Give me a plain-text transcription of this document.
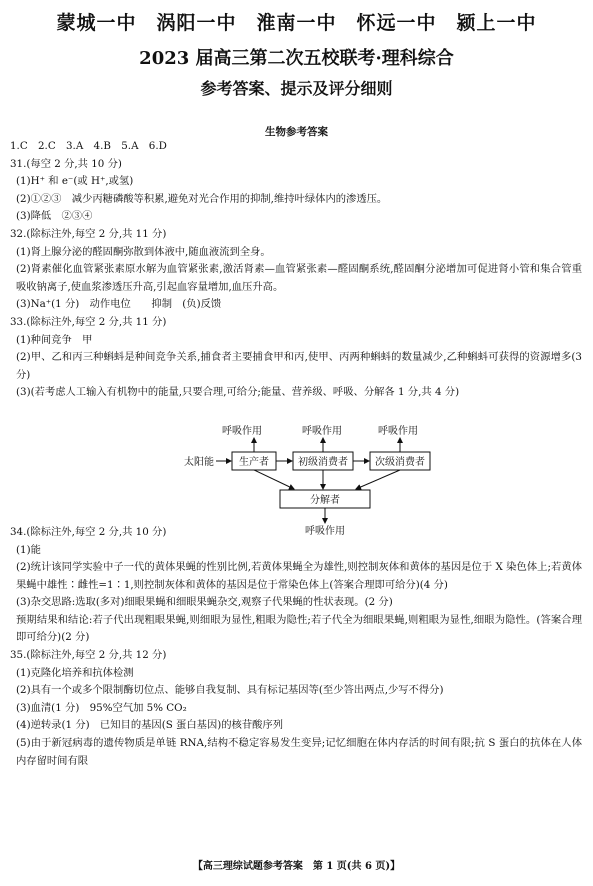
蒙城一中　涡阳一中　淮南一中　怀远一中　颍上一中
2023 届高三第二次五校联考·理科综合
参考答案、提示及评分细则
生物参考答案
1.C　2.C　3.A　4.B　5.A　6.D
31.(每空 2 分,共 10 分)
(1)H⁺ 和 e⁻(或 H⁺,或氢)
(2)①②③　减少丙糖磷酸等积累,避免对光合作用的抑制,维持叶绿体内的渗透压。
(3)降低　②③④
32.(除标注外,每空 2 分,共 11 分)
(1)肾上腺分泌的醛固酮弥散到体液中,随血液流到全身。
(2)肾素催化血管紧张素原水解为血管紧张素,激活肾素—血管紧张素—醛固酮系统,醛固酮分泌增加可促进肾小管和集合管重吸收钠离子,使血浆渗透压升高,引起血容量增加,血压升高。
(3)Na⁺(1 分)　动作电位　　抑制　(负)反馈
33.(除标注外,每空 2 分,共 11 分)
(1)种间竞争　甲
(2)甲、乙和丙三种蝌蚪是种间竞争关系,捕食者主要捕食甲和丙,使甲、丙两种蝌蚪的数量减少,乙种蝌蚪可获得的资源增多(3 分)
(3)(若考虑人工输入有机物中的能量,只要合理,可给分;能量、营养级、呼吸、分解各 1 分,共 4 分)
34.(除标注外,每空 2 分,共 10 分)
(1)能
(2)统计该同学实验中子一代的黄体果蝇的性别比例,若黄体果蝇全为雄性,则控制灰体和黄体的基因是位于 X 染色体上;若黄体果蝇中雄性∶雌性=1∶1,则控制灰体和黄体的基因是位于常染色体上(答案合理即可给分)(4 分)
(3)杂交思路:选取(多对)细眼果蝇和细眼果蝇杂交,观察子代果蝇的性状表现。(2 分)
预期结果和结论:若子代出现粗眼果蝇,则细眼为显性,粗眼为隐性;若子代全为细眼果蝇,则粗眼为显性,细眼为隐性。(答案合理即可给分)(2 分)
35.(除标注外,每空 2 分,共 12 分)
(1)克隆化培养和抗体检测
(2)具有一个或多个限制酶切位点、能够自我复制、具有标记基因等(至少答出两点,少写不得分)
(3)血清(1 分)　95%空气加 5% CO₂
(4)逆转录(1 分)　已知目的基因(S 蛋白基因)的核苷酸序列
(5)由于新冠病毒的遗传物质是单链 RNA,结构不稳定容易发生变异;记忆细胞在体内存活的时间有限;抗 S 蛋白的抗体在人体内存留时间有限
呼吸作用	呼吸作用	呼吸作用
太阳能	生产者	初级消费者	次级消费者
分解者
呼吸作用
【高三理综试题参考答案　第 1 页(共 6 页)】
